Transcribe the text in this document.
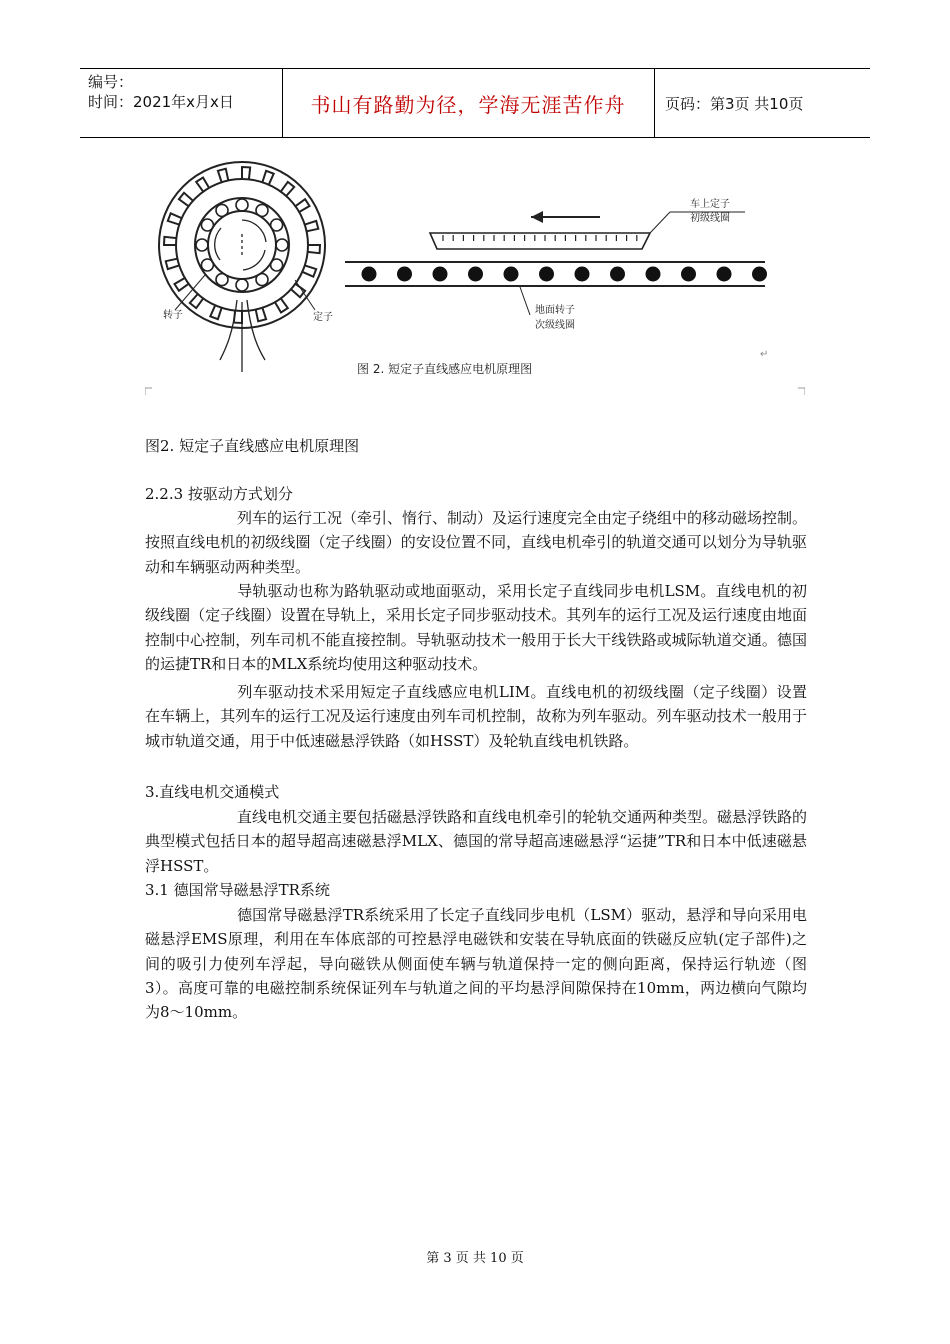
编号：
时间：2021年x月x日	书山有路勤为径，学海无涯苦作舟	页码：第3页 共10页
转子	定子
车上定子
初级线圈
地面转子
次级线圈
图 2. 短定子直线感应电机原理图
↵
图2. 短定子直线感应电机原理图
2.2.3 按驱动方式划分
列车的运行工况（牵引、惰行、制动）及运行速度完全由定子绕组中的移动磁场控制。按照直线电机的初级线圈（定子线圈）的安设位置不同，直线电机牵引的轨道交通可以划分为导轨驱动和车辆驱动两种类型。
导轨驱动也称为路轨驱动或地面驱动，采用长定子直线同步电机LSM。直线电机的初级线圈（定子线圈）设置在导轨上，采用长定子同步驱动技术。其列车的运行工况及运行速度由地面控制中心控制，列车司机不能直接控制。导轨驱动技术一般用于长大干线铁路或城际轨道交通。德国的运捷TR和日本的MLX系统均使用这种驱动技术。
列车驱动技术采用短定子直线感应电机LIM。直线电机的初级线圈（定子线圈）设置在车辆上，其列车的运行工况及运行速度由列车司机控制，故称为列车驱动。列车驱动技术一般用于城市轨道交通，用于中低速磁悬浮铁路（如HSST）及轮轨直线电机铁路。
3.直线电机交通模式
直线电机交通主要包括磁悬浮铁路和直线电机牵引的轮轨交通两种类型。磁悬浮铁路的典型模式包括日本的超导超高速磁悬浮MLX、德国的常导超高速磁悬浮“运捷”TR和日本中低速磁悬浮HSST。
3.1 德国常导磁悬浮TR系统
德国常导磁悬浮TR系统采用了长定子直线同步电机（LSM）驱动，悬浮和导向采用电磁悬浮EMS原理，利用在车体底部的可控悬浮电磁铁和安装在导轨底面的铁磁反应轨(定子部件)之间的吸引力使列车浮起，导向磁铁从侧面使车辆与轨道保持一定的侧向距离，保持运行轨迹（图3）。高度可靠的电磁控制系统保证列车与轨道之间的平均悬浮间隙保持在10mm，两边横向气隙均为8～10mm。
第 3 页 共 10 页
